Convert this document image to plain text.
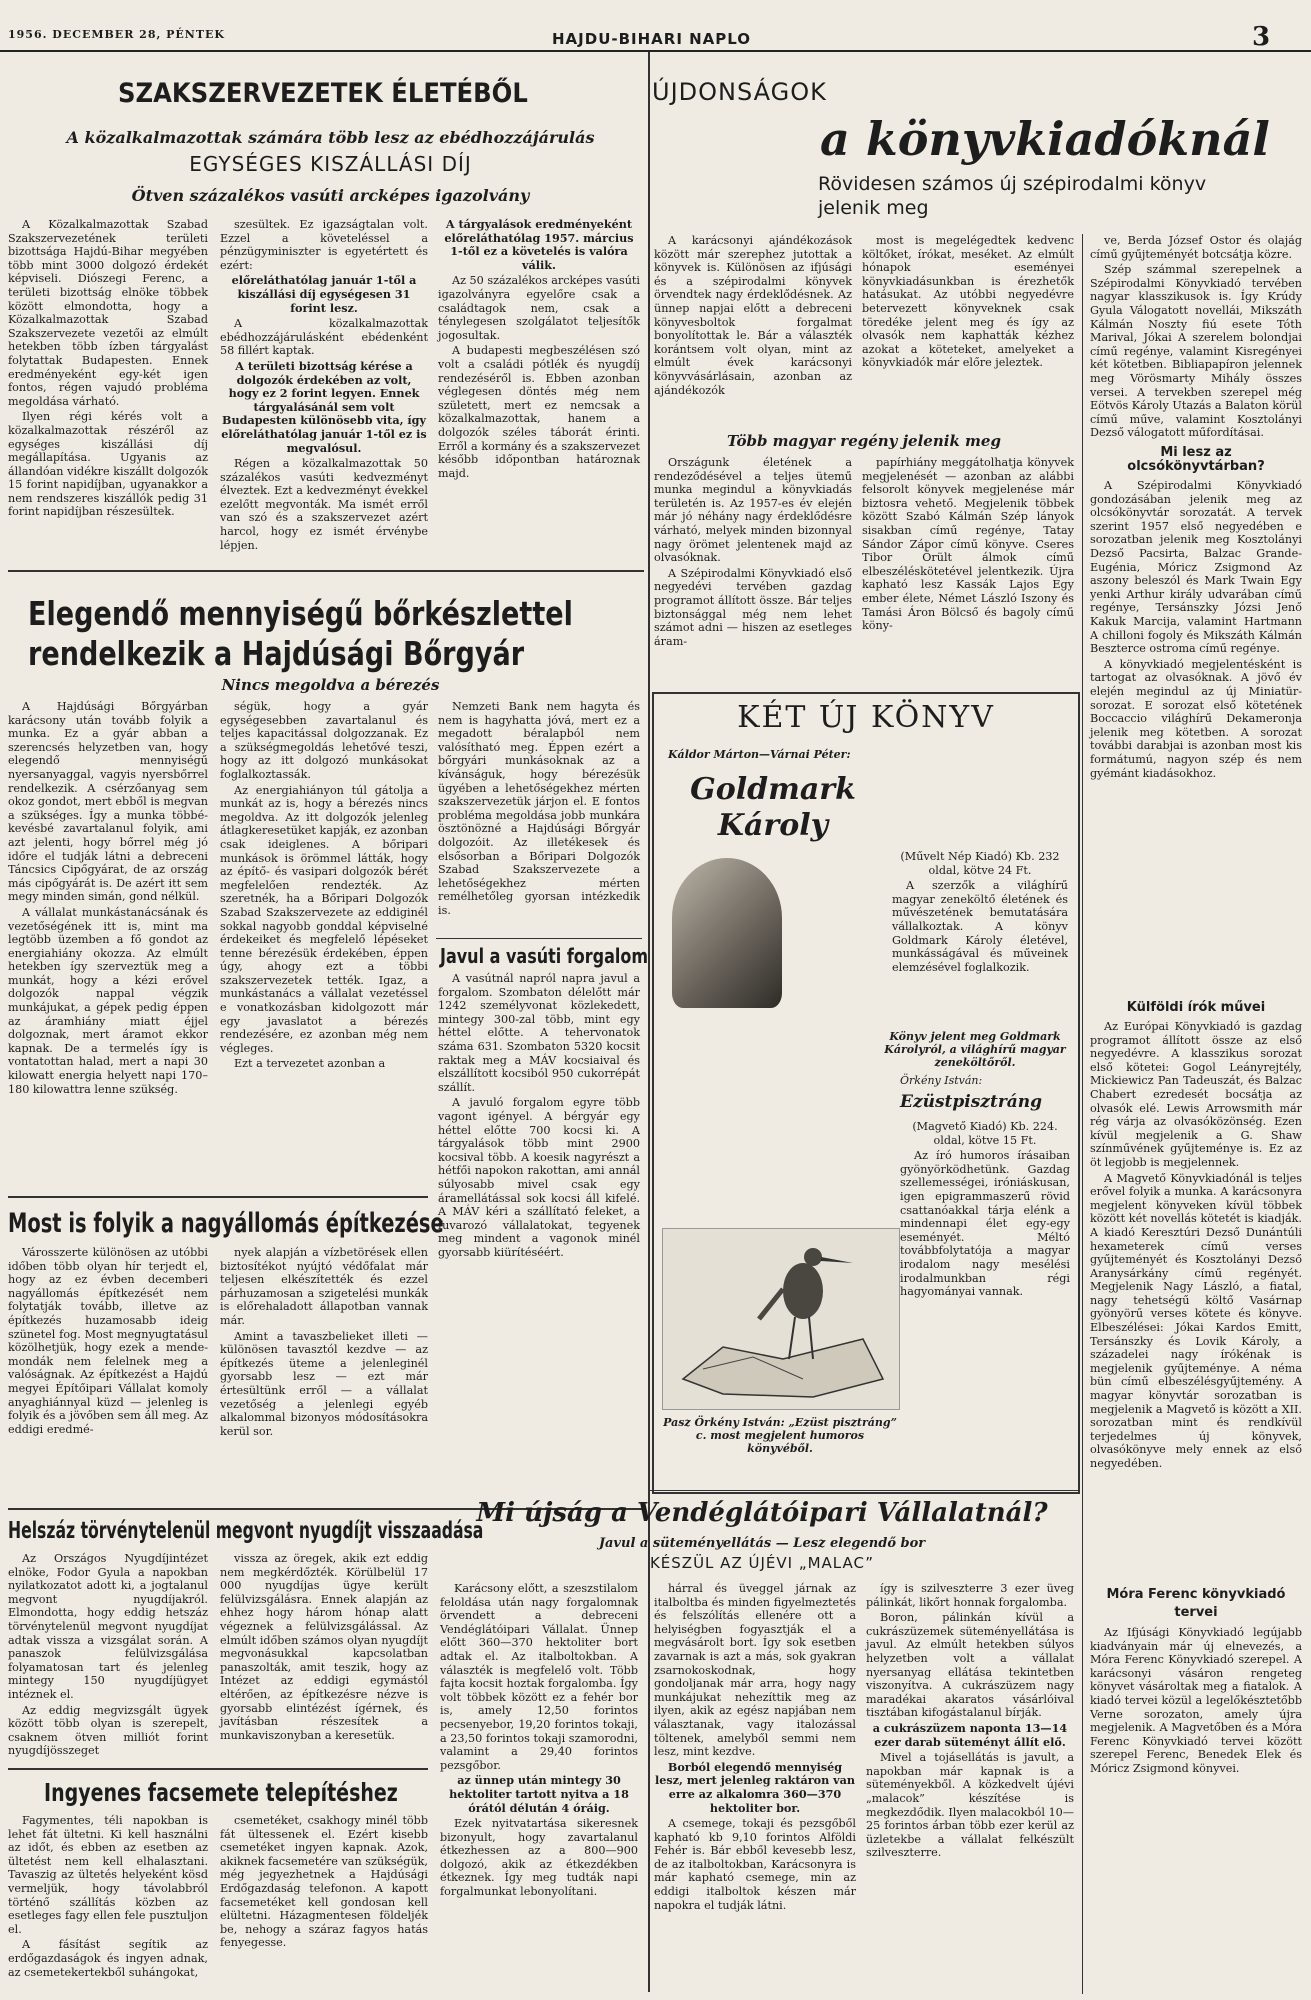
1956. DECEMBER 28, PÉNTEK	HAJDU-BIHARI NAPLO	3
SZAKSZERVEZETEK ÉLETÉBŐL
A közalkalmazottak számára több lesz az ebédhozzájárulás
EGYSÉGES KISZÁLLÁSI DÍJ
Ötven százalékos vasúti arcképes igazolvány

A Közalkalmazottak Szabad Szakszervezetének területi bizottsága Hajdú-Bihar megyében több mint 3000 dolgozó érdekét képviseli. Diószegi Ferenc, a területi bizottság elnöke többek között elmondotta, hogy a Közalkalmazottak Szabad Szakszervezete vezetői az elmúlt hetekben több ízben tárgyalást folytattak Budapesten. Ennek eredményeként egy-két igen fontos, régen vajudó probléma megoldása várható.

Ilyen régi kérés volt a közalkalmazottak részéről az egységes kiszállási díj megállapítása. Ugyanis az állandóan vidékre kiszállt dolgozók 15 forint napidíjban, ugyanakkor a nem rendszeres kiszállók pedig 31 forint napidíjban részesültek.

szesültek. Ez igazságtalan volt. Ezzel a követeléssel a pénzügyminiszter is egyetértett és ezért:

előreláthatólag január 1-től a kiszállási díj egységesen 31 forint lesz.

A közalkalmazottak ebédhozzájárulásként ebédenként 58 fillért kaptak.

A területi bizottság kérése a dolgozók érdekében az volt, hogy ez 2 forint legyen. Ennek tárgyalásánál sem volt Budapesten különösebb vita, így előreláthatólag január 1-től ez is megvalósul.

Régen a közalkalmazottak 50 százalékos vasúti kedvezményt élveztek. Ezt a kedvezményt évekkel ezelőtt megvonták. Ma ismét erről van szó és a szakszervezet azért harcol, hogy ez ismét érvénybe lépjen.

A tárgyalások eredményeként előreláthatólag 1957. március 1-től ez a követelés is valóra válik.

Az 50 százalékos arcképes vasúti igazolványra egyelőre csak a családtagok nem, csak a ténylegesen szolgálatot teljesítők jogosultak.

A budapesti megbeszélésen szó volt a családi pótlék és nyugdíj rendezéséről is. Ebben azonban véglegesen döntés még nem született, mert ez nemcsak a közalkalmazottak, hanem a dolgozók széles táborát érinti. Erről a kormány és a szakszervezet később időpontban határoznak majd.

Elegendő mennyiségű bőrkészlettel rendelkezik a Hajdúsági Bőrgyár
Nincs megoldva a bérezés

A Hajdúsági Bőrgyárban karácsony után tovább folyik a munka. Ez a gyár abban a szerencsés helyzetben van, hogy elegendő mennyiségű nyersanyaggal, vagyis nyersbőrrel rendelkezik. A csérzőanyag sem okoz gondot, mert ebből is megvan a szükséges. Így a munka többé-kevésbé zavartalanul folyik, ami azt jelenti, hogy bőrrel még jó időre el tudják látni a debreceni Táncsics Cipőgyárat, de az ország más cipőgyárát is. De azért itt sem megy minden simán, gond nélkül.

A vállalat munkástanácsának és vezetőségének itt is, mint ma legtöbb üzemben a fő gondot az energiahiány okozza. Az elmúlt hetekben így szerveztük meg a munkát, hogy a kézi erővel dolgozók nappal végzik munkájukat, a gépek pedig éppen az áramhiány miatt éjjel dolgoznak, mert áramot ekkor kapnak. De a termelés így is vontatottan halad, mert a napi 30 kilowatt energia helyett napi 170–180 kilowattra lenne szükség.

ségük, hogy a gyár egységesebben zavartalanul és teljes kapacitással dolgozzanak. Ez a szükségmegoldás lehetővé teszi, hogy az itt dolgozó munkásokat foglalkoztassák.

Az energiahiányon túl gátolja a munkát az is, hogy a bérezés nincs megoldva. Az itt dolgozók jelenleg átlagkeresetüket kapják, ez azonban csak ideiglenes. A bőripari munkások is örömmel látták, hogy az építő- és vasipari dolgozók bérét megfelelően rendezték. Az szeretnék, ha a Bőripari Dolgozók Szabad Szakszervezete az eddiginél sokkal nagyobb gonddal képviselné érdekeiket és megfelelő lépéseket tenne bérezésük érdekében, éppen úgy, ahogy ezt a többi szakszervezetek tették. Igaz, a munkástanács a vállalat vezetéssel e vonatkozásban kidolgozott már egy javaslatot a bérezés rendezésére, ez azonban még nem végleges.

Ezt a tervezetet azonban a

Nemzeti Bank nem hagyta és nem is hagyhatta jóvá, mert ez a megadott béralapból nem valósítható meg. Éppen ezért a bőrgyári munkásoknak az a kívánságuk, hogy bérezésük ügyében a lehetőségekhez mérten szakszervezetük járjon el. E fontos probléma megoldása jobb munkára ösztönözné a Hajdúsági Bőrgyár dolgozóit. Az illetékesek és elsősorban a Bőripari Dolgozók Szabad Szakszervezete a lehetőségekhez mérten remélhetőleg gyorsan intézkedik is.

Javul a vasúti forgalom

A vasútnál napról napra javul a forgalom. Szombaton délelőtt már 1242 személyvonat közlekedett, mintegy 300-zal több, mint egy héttel előtte. A tehervonatok száma 631. Szombaton 5320 kocsit raktak meg a MÁV kocsiaival és elszállított kocsiból 950 cukorrépát szállít.

A javuló forgalom egyre több vagont igényel. A bérgyár egy héttel előtte 700 kocsi ki. A tárgyalások több mint 2900 kocsival több. A koesik nagyrészt a hétfői napokon rakottan, ami annál súlyosabb mivel csak egy áramellátással sok kocsi áll kifelé. A MÁV kéri a szállítató feleket, a fuvarozó vállalatokat, tegyenek meg mindent a vagonok minél gyorsabb kiürítéséért.

Most is folyik a nagyállomás építkezése

Városszerte különösen az utóbbi időben több olyan hír terjedt el, hogy az ez évben decemberi nagyállomás építkezését nem folytatják tovább, illetve az építkezés huzamosabb ideig szünetel fog. Most megnyugtatásul közölhetjük, hogy ezek a mende-mondák nem felelnek meg a valóságnak. Az építkezést a Hajdú megyei Építőipari Vállalat komoly anyaghiánnyal küzd — jelenleg is folyik és a jövőben sem áll meg. Az eddigi eredmé-

nyek alapján a vízbetörések ellen biztosítékot nyújtó védőfalat már teljesen elkészítették és ezzel párhuzamosan a szigetelési munkák is előrehaladott állapotban vannak már.

Amint a tavaszbelieket illeti — különösen tavasztól kezdve — az építkezés üteme a jelenleginél gyorsabb lesz — ezt már értesültünk erről — a vállalat vezetőség a jelenlegi egyéb alkalommal bizonyos módosításokra kerül sor.

Helszáz törvénytelenül megvont nyugdíjt visszaadása

Az Országos Nyugdíjintézet elnöke, Fodor Gyula a napokban nyilatkozatot adott ki, a jogtalanul megvont nyugdíjakról. Elmondotta, hogy eddig hetszáz törvénytelenül megvont nyugdíjat adtak vissza a vizsgálat során. A panaszok felülvizsgálása folyamatosan tart és jelenleg mintegy 150 nyugdíjügyet intéznek el.

Az eddig megvizsgált ügyek között több olyan is szerepelt, csaknem ötven milliót forint nyugdíjösszeget

vissza az öregek, akik ezt eddig nem megkérdőzték. Körülbelül 17 000 nyugdíjas ügye került felülvizsgálásra. Ennek alapján az ehhez hogy három hónap alatt végeznek a felülvizsgálással. Az elmúlt időben számos olyan nyugdíjt megvonásukkal kapcsolatban panaszolták, amit teszik, hogy az Intézet az eddigi egymástól eltérően, az építkezésre nézve is gyorsabb elintézést ígérnek, és javításban részesítek a munkaviszonyban a keresetük.

Ingyenes facsemete telepítéshez

Fagymentes, téli napokban is lehet fát ültetni. Ki kell használni az időt, és ebben az esetben az ültetést nem kell elhalasztani. Tavaszig az ültetés helyeként kösd vermeljük, hogy távolabbról történő szállítás közben az esetleges fagy ellen fele pusztuljon el.

A fásítást segítik az erdőgazdaságok és ingyen adnak, az csemetekertekből suhángokat,

csemetéket, csakhogy minél több fát ültessenek el. Ezért kisebb csemetéket ingyen kapnak. Azok, akiknek facsemetére van szükségük, még jegyezhetnek a Hajdúsági Erdőgazdaság telefonon. A kapott facsemetéket kell gondosan kell elültetni. Házagmentesen földeljék be, nehogy a száraz fagyos hatás fenyegesse.

ÚJDONSÁGOK
a könyvkiadóknál
Rövidesen számos új szépirodalmi könyv jelenik meg

A karácsonyi ajándékozások között már szerephez jutottak a könyvek is. Különösen az ifjúsági és a szépirodalmi könyvek örvendtek nagy érdeklődésnek. Az ünnep napjai előtt a debreceni könyvesboltok forgalmat bonyolítottak le. Bár a választék korántsem volt olyan, mint az elmúlt évek karácsonyi könyvvásárlásain, azonban az ajándékozók

most is megelégedtek kedvenc költőket, írókat, meséket. Az elmúlt hónapok eseményei könyvkiadásunkban is érezhetők hatásukat. Az utóbbi negyedévre betervezett könyveknek csak töredéke jelent meg és így az olvasók nem kaphatták kézhez azokat a köteteket, amelyeket a könyvkiadók már előre jeleztek.

Több magyar regény jelenik meg

Országunk életének a rendeződésével a teljes ütemű munka megindul a könyvkiadás területén is. Az 1957-es év elején már jó néhány nagy érdeklődésre várható, melyek minden bizonnyal nagy örömet jelentenek majd az olvasóknak.

A Szépirodalmi Könyvkiadó első negyedévi tervében gazdag programot állított össze. Bár teljes biztonsággal még nem lehet számot adni — hiszen az esetleges áram-

papírhiány meggátolhatja könyvek megjelenését — azonban az alábbi felsorolt könyvek megjelenése már biztosra vehető. Megjelenik többek között Szabó Kálmán Szép lányok sisakban című regénye, Tatay Sándor Zápor című könyve. Cseres Tibor Őrült álmok című elbeszéléskötetével jelentkezik. Újra kapható lesz Kassák Lajos Egy ember élete, Német László Iszony és Tamási Áron Bölcső és bagoly című köny-

ve, Berda József Ostor és olajág című gyűjteményét botcsátja közre.

Szép számmal szerepelnek a Szépirodalmi Könyvkiadó tervében nagyar klasszikusok is. Így Krúdy Gyula Válogatott novellái, Mikszáth Kálmán Noszty fiú esete Tóth Marival, Jókai A szerelem bolondjai című regénye, valamint Kisregényei két kötetben. Bibliapapíron jelennek meg Vörösmarty Mihály összes versei. A tervekben szerepel még Eötvös Károly Utazás a Balaton körül című műve, valamint Kosztolányi Dezső válogatott műfordításai.

Mi lesz az olcsókönyvtárban?

A Szépirodalmi Könyvkiadó gondozásában jelenik meg az olcsókönyvtár sorozatát. A tervek szerint 1957 első negyedében e sorozatban jelenik meg Kosztolányi Dezső Pacsirta, Balzac Grande-Eugénia, Móricz Zsigmond Az aszony beleszól és Mark Twain Egy yenki Arthur király udvarában című regénye, Tersánszky Józsi Jenő Kakuk Marcija, valamint Hartmann A chilloni fogoly és Mikszáth Kálmán Beszterce ostroma című regénye.

A könyvkiadó megjelentésként is tartogat az olvasóknak. A jövő év elején megindul az új Miniatür-sorozat. E sorozat első kötetének Boccaccio világhírű Dekameronja jelenik meg kötetben. A sorozat további darabjai is azonban most kis formátumú, nagyon szép és nem gyémánt kiadásokhoz.

Külföldi írók művei

Az Európai Könyvkiadó is gazdag programot állított össze az első negyedévre. A klasszikus sorozat első kötetei: Gogol Leányrejtély, Mickiewicz Pan Tadeuszát, és Balzac Chabert ezredesét bocsátja az olvasók elé. Lewis Arrowsmith már rég várja az olvasóközönség. Ezen kívül megjelenik a G. Shaw színművének gyűjteménye is. Ez az öt legjobb is megjelennek.

A Magvető Könyvkiadónál is teljes erővel folyik a munka. A karácsonyra megjelent könyveken kívül többek között két novellás kötetét is kiadják. A kiadó Keresztúri Dezső Dunántúli hexameterek című verses gyűjteményét és Kosztolányi Dezső Aranysárkány című regényét. Megjelenik Nagy László, a fiatal, nagy tehetségű költő Vasárnap gyönyörű verses kötete és könyve. Elbeszélései: Jókai Kardos Emitt, Tersánszky és Lovik Károly, a századelei nagy írókénak is megjelenik gyűjteménye. A néma bün című elbeszélésgyűjtemény. A magyar könyvtár sorozatban is megjelenik a Magvető is között a XII. sorozatban mint és rendkívül terjedelmes új könyvek, olvasókönyve mely ennek az első negyedében.

Móra Ferenc könyvkiadó tervei

Az Ifjúsági Könyvkiadó legújabb kiadványain már új elnevezés, a Móra Ferenc Könyvkiadó szerepel. A karácsonyi vásáron rengeteg könyvet vásároltak meg a fiatalok. A kiadó tervei közül a legelőkésztetőbb Verne sorozaton, amely újra megjelenik. A Magvetőben és a Móra Ferenc Könyvkiadó tervei között szerepel Ferenc, Benedek Elek és Móricz Zsigmond könyvei.

KÉT ÚJ KÖNYV
Káldor Márton—Várnai Péter:
Goldmark Károly

(Művelt Nép Kiadó) Kb. 232 oldal, kötve 24 Ft.

A szerzők a világhírű magyar zeneköltő életének és művészetének bemutatására vállalkoztak. A könyv Goldmark Károly életével, munkásságával és műveinek elemzésével foglalkozik.

Könyv jelent meg Goldmark Károlyról, a világhírű magyar zeneköltőről.
Örkény István:
Ezüstpisztráng

(Magvető Kiadó) Kb. 224. oldal, kötve 15 Ft.

Az író humoros írásaiban gyönyörködhetünk. Gazdag szellemességei, iróniáskusan, igen epigrammaszerű rövid csattanóakkal tárja elénk a mindennapi élet egy-egy eseményét. Méltó továbbfolytatója a magyar irodalom nagy mesélési irodalmunkban régi hagyományai vannak.

Pasz Örkény István: „Ezüst pisztráng” c. most megjelent humoros könyvéből.
Mi újság a Vendéglátóipari Vállalatnál?
Javul a süteményellátás — Lesz elegendő bor
KÉSZÜL AZ ÚJÉVI „MALAC”

Karácsony előtt, a szeszstilalom feloldása után nagy forgalomnak örvendett a debreceni Vendéglátóipari Vállalat. Ünnep előtt 360—370 hektoliter bort adtak el. Az italboltokban. A választék is megfelelő volt. Több fajta kocsit hoztak forgalomba. Így volt többek között ez a fehér bor is, amely 12,50 forintos pecsenyebor, 19,20 forintos tokaji, a 23,50 forintos tokaji szamorodni, valamint a 29,40 forintos pezsgőbor.

az ünnep után mintegy 30 hektoliter tartott nyitva a 18 órától délután 4 óráig.

Ezek nyitvatartása sikeresnek bizonyult, hogy zavartalanul étkezhessen az a 800—900 dolgozó, akik az étkezdékben étkeznek. Így meg tudták napi forgalmunkat lebonyolítani.

hárral és üveggel járnak az italboltba és minden figyelmeztetés és felszólítás ellenére ott a helyiségben fogyasztják el a megvásárolt bort. Így sok esetben zavarnak is azt a más, sok gyakran zsarnokoskodnak, hogy gondoljanak már arra, hogy nagy munkájukat nehezíttik meg az ilyen, akik az egész napjában nem választanak, vagy italozással töltenek, amelyből semmi nem lesz, mint kezdve.

Borból elegendő mennyiség lesz, mert jelenleg raktáron van erre az alkalomra 360—370 hektoliter bor.

A csemege, tokaji és pezsgőből kapható kb 9,10 forintos Alföldi Fehér is. Bár ebből kevesebb lesz, de az italboltokban, Karácsonyra is már kapható csemege, min az eddigi italboltok készen már napokra el tudják látni.

így is szilveszterre 3 ezer üveg pálinkát, likőrt honnak forgalomba.

Boron, pálinkán kívül a cukrászüzemek süteményellátása is javul. Az elmúlt hetekben súlyos helyzetben volt a vállalat nyersanyag ellátása tekintetben viszonyítva. A cukrászüzem nagy maradékai akaratos vásárlóival tisztában kifogástalanul bírják.

a cukrászüzem naponta 13—14 ezer darab süteményt állít elő.

Mivel a tojásellátás is javult, a napokban már kapnak is a süteményekből. A közkedvelt újévi „malacok” készítése is megkezdődik. Ilyen malacokból 10—25 forintos árban több ezer kerül az üzletekbe a vállalat felkészült szilveszterre.
